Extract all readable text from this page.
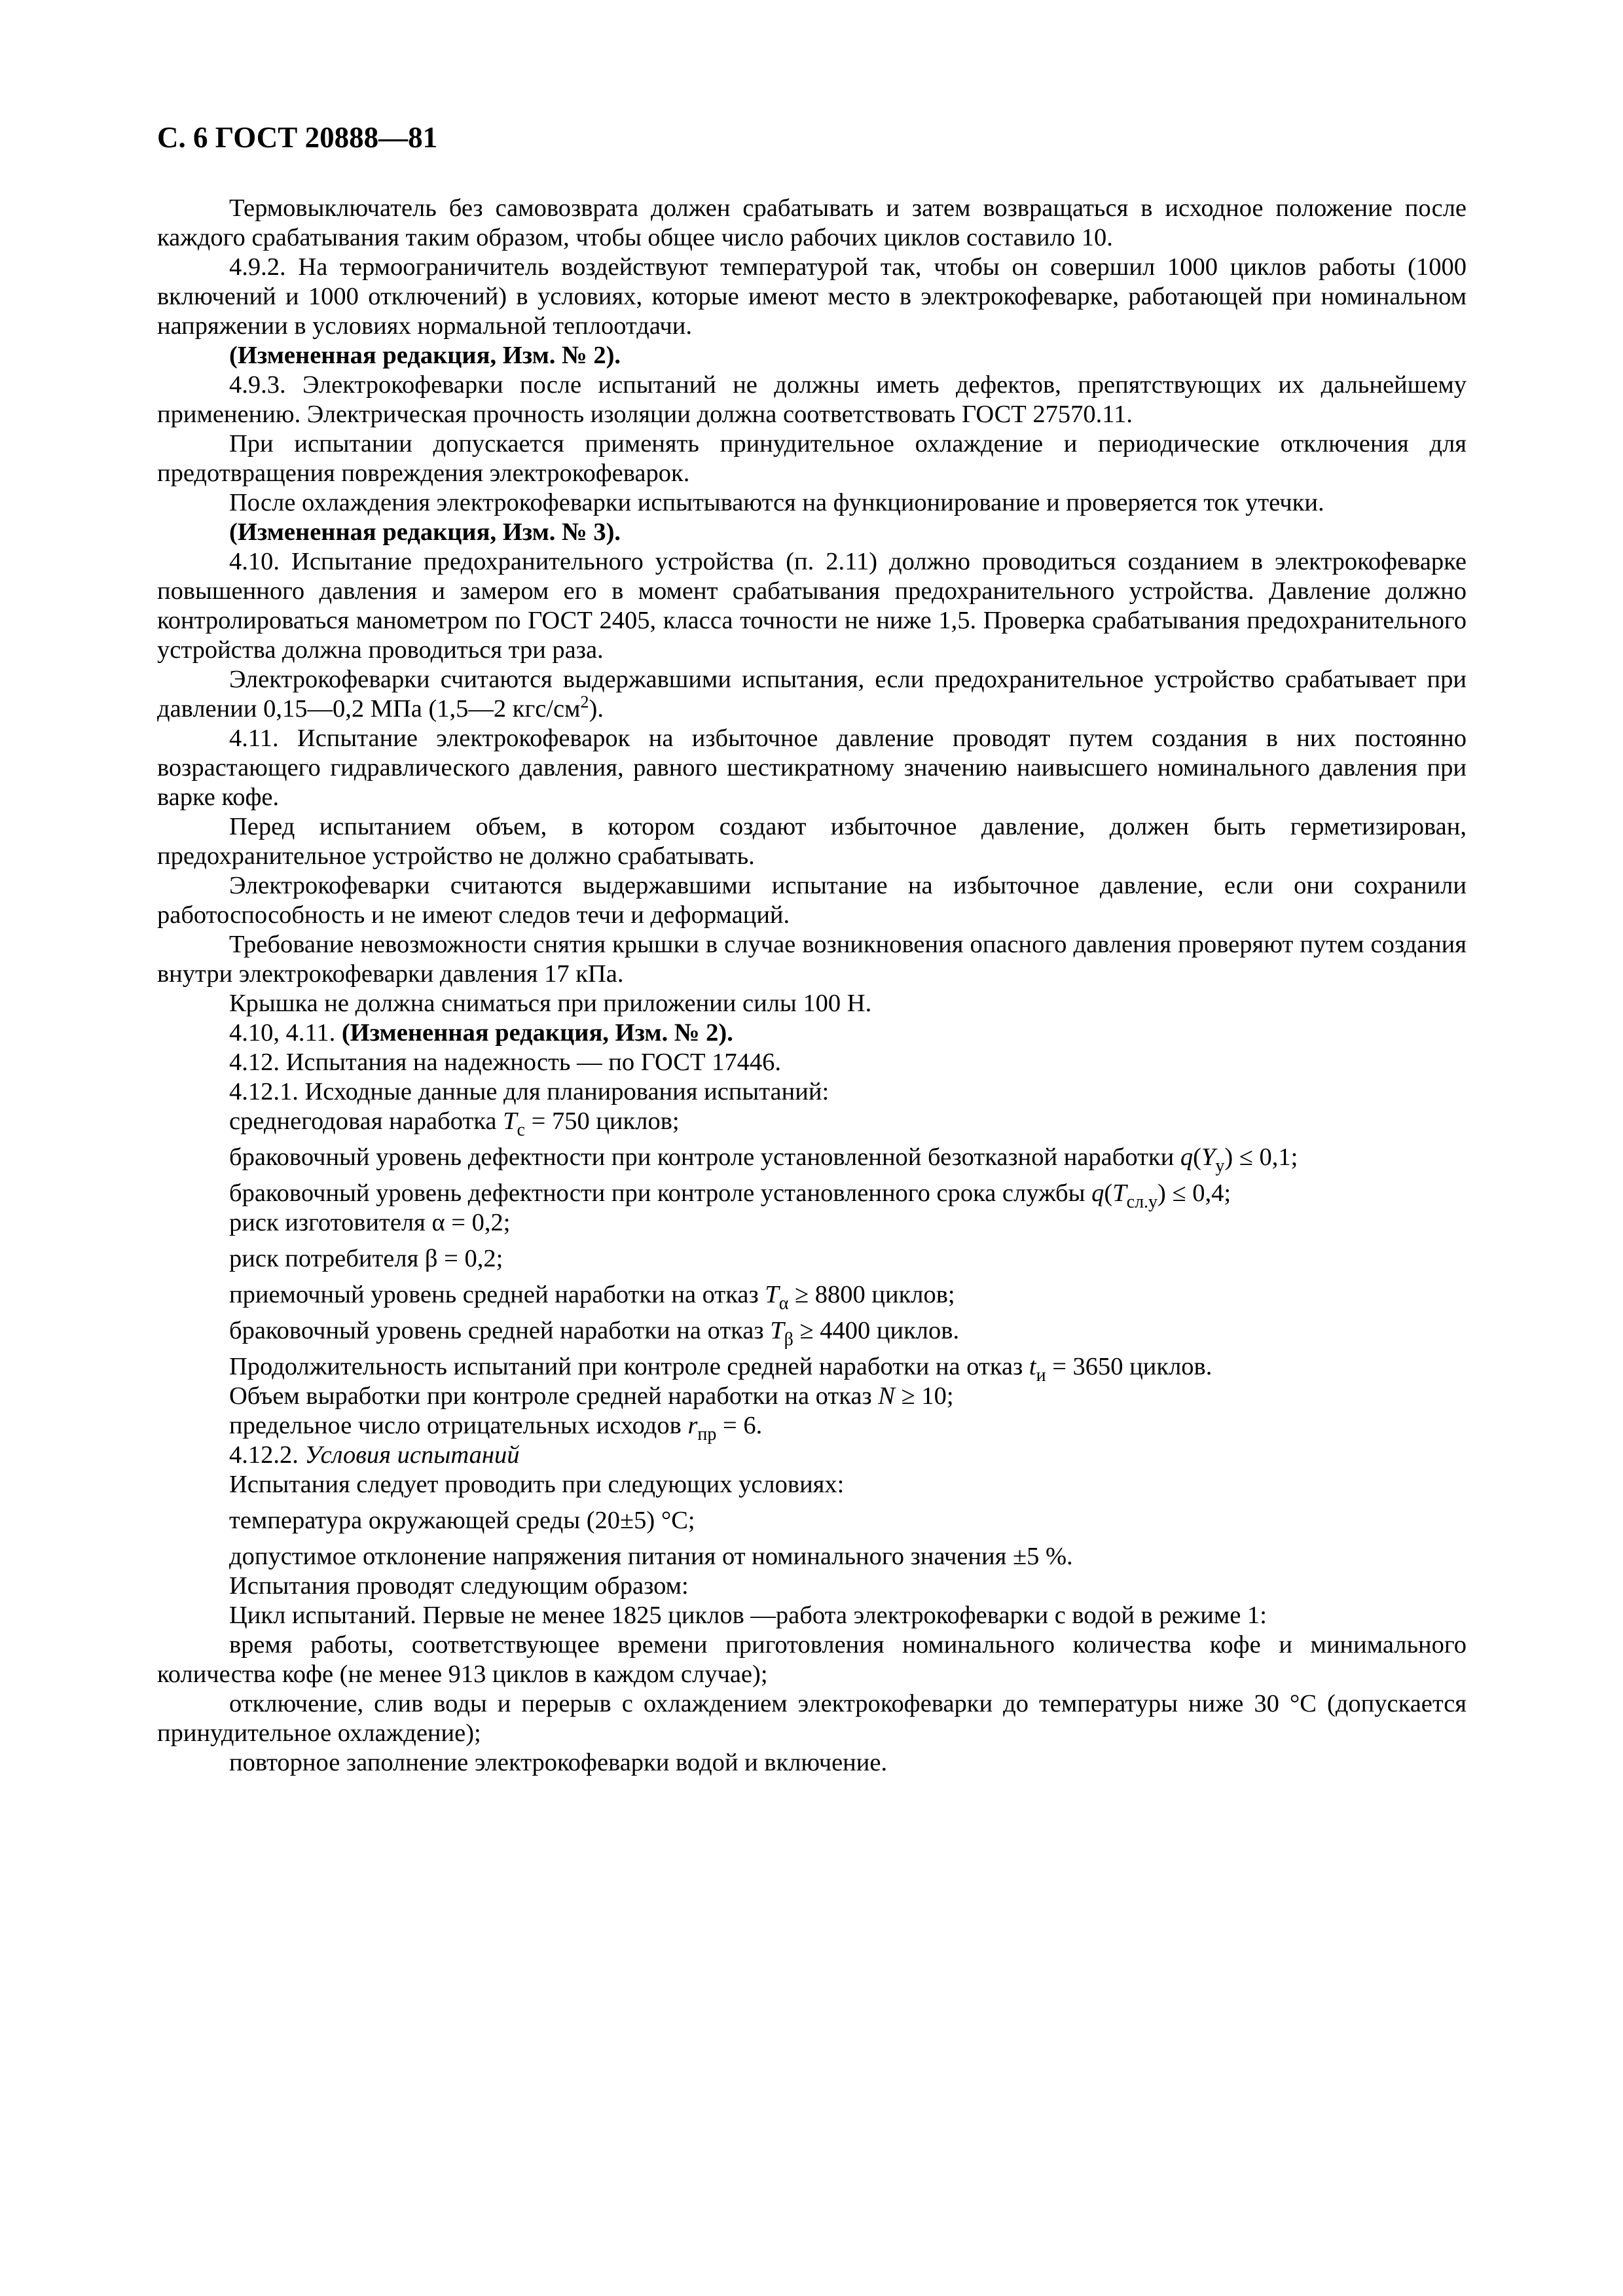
С. 6 ГОСТ 20888—81

Термовыключатель без самовозврата должен срабатывать и затем возвращаться в исходное положение после каждого срабатывания таким образом, чтобы общее число рабочих циклов составило 10.

4.9.2. На термоограничитель воздействуют температурой так, чтобы он совершил 1000 циклов работы (1000 включений и 1000 отключений) в условиях, которые имеют место в электрокофеварке, работающей при номинальном напряжении в условиях нормальной теплоотдачи.

(Измененная редакция, Изм. № 2).

4.9.3. Электрокофеварки после испытаний не должны иметь дефектов, препятствующих их дальнейшему применению. Электрическая прочность изоляции должна соответствовать ГОСТ 27570.11.

При испытании допускается применять принудительное охлаждение и периодические отключения для предотвращения повреждения электрокофеварок.

После охлаждения электрокофеварки испытываются на функционирование и проверяется ток утечки.

(Измененная редакция, Изм. № 3).

4.10. Испытание предохранительного устройства (п. 2.11) должно проводиться созданием в электрокофеварке повышенного давления и замером его в момент срабатывания предохранительного устройства. Давление должно контролироваться манометром по ГОСТ 2405, класса точности не ниже 1,5. Проверка срабатывания предохранительного устройства должна проводиться три раза.

Электрокофеварки считаются выдержавшими испытания, если предохранительное устройство срабатывает при давлении 0,15—0,2 МПа (1,5—2 кгс/$см^2$).

4.11. Испытание электрокофеварок на избыточное давление проводят путем создания в них постоянно возрастающего гидравлического давления, равного шестикратному значению наивысшего номинального давления при варке кофе.

Перед испытанием объем, в котором создают избыточное давление, должен быть герметизирован, предохранительное устройство не должно срабатывать.

Электрокофеварки считаются выдержавшими испытание на избыточное давление, если они сохранили работоспособность и не имеют следов течи и деформаций.

Требование невозможности снятия крышки в случае возникновения опасного давления проверяют путем создания внутри электрокофеварки давления 17 кПа.

Крышка не должна сниматься при приложении силы 100 Н.

4.10, 4.11. (Измененная редакция, Изм. № 2).

4.12. Испытания на надежность — по ГОСТ 17446.

4.12.1. Исходные данные для планирования испытаний:

среднегодовая наработка $Т_с = 750$ циклов;

браковочный уровень дефектности при контроле установленной безотказной наработки $q(Y_у) \le 0,1$;

браковочный уровень дефектности при контроле установленного срока службы $q(Т_{сл.у}) \le 0,4$;

риск изготовителя α = 0,2;

риск потребителя β = 0,2;

приемочный уровень средней наработки на отказ $Т_\alpha \ge 8800$ циклов;

браковочный уровень средней наработки на отказ $Т_\beta \ge 4400$ циклов.

Продолжительность испытаний при контроле средней наработки на отказ $t_и = 3650$ циклов.

Объем выработки при контроле средней наработки на отказ N ≥ 10;

предельное число отрицательных исходов $r_{пр} = 6$.

4.12.2. Условия испытаний

Испытания следует проводить при следующих условиях:

температура окружающей среды (20±5) °С;

допустимое отклонение напряжения питания от номинального значения ±5 %.

Испытания проводят следующим образом:

Цикл испытаний. Первые не менее 1825 циклов —работа электрокофеварки с водой в режиме 1:

время работы, соответствующее времени приготовления номинального количества кофе и минимального количества кофе (не менее 913 циклов в каждом случае);

отключение, слив воды и перерыв с охлаждением электрокофеварки до температуры ниже 30 °С (допускается принудительное охлаждение);

повторное заполнение электрокофеварки водой и включение.
